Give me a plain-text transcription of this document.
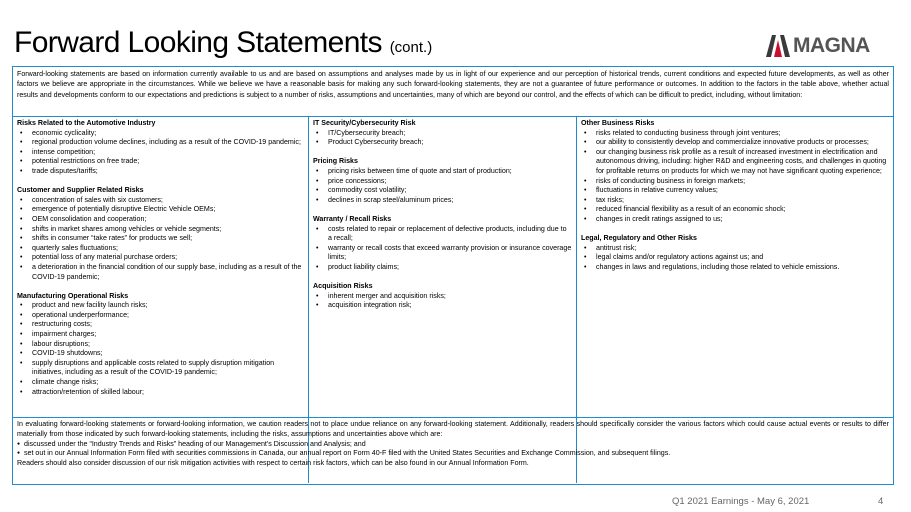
Forward Looking Statements (cont.)	MAGNA
Forward-looking statements are based on information currently available to us and are based on assumptions and analyses made by us in light of our experience and our perception of historical trends, current conditions and expected future developments, as well as other factors we believe are appropriate in the circumstances. While we believe we have a reasonable basis for making any such forward-looking statements, they are not a guarantee of future performance or outcomes. In addition to the factors in the table above, whether actual results and developments conform to our expectations and predictions is subject to a number of risks, assumptions and uncertainties, many of which are beyond our control, and the effects of which can be difficult to predict, including, without limitation:

Risks Related to the Automotive Industry

• economic cyclicality;
• regional production volume declines, including as a result of the COVID-19 pandemic;
• intense competition;
• potential restrictions on free trade;
• trade disputes/tariffs;

Customer and Supplier Related Risks

• concentration of sales with six customers;
• emergence of potentially disruptive Electric Vehicle OEMs;
• OEM consolidation and cooperation;
• shifts in market shares among vehicles or vehicle segments;
• shifts in consumer “take rates” for products we sell;
• quarterly sales fluctuations;
• potential loss of any material purchase orders;
• a deterioration in the financial condition of our supply base, including as a result of the COVID-19 pandemic;

Manufacturing Operational Risks

• product and new facility launch risks;
• operational underperformance;
• restructuring costs;
• impairment charges;
• labour disruptions;
• COVID-19 shutdowns;
• supply disruptions and applicable costs related to supply disruption mitigation initiatives, including as a result of the COVID-19 pandemic;
• climate change risks;
• attraction/retention of skilled labour;

IT Security/Cybersecurity Risk

• IT/Cybersecurity breach;
• Product Cybersecurity breach;

Pricing Risks

• pricing risks between time of quote and start of production;
• price concessions;
• commodity cost volatility;
• declines in scrap steel/aluminum prices;

Warranty / Recall Risks

• costs related to repair or replacement of defective products, including due to a recall;
• warranty or recall costs that exceed warranty provision or insurance coverage limits;
• product liability claims;

Acquisition Risks

• inherent merger and acquisition risks;
• acquisition integration risk;

Other Business Risks

• risks related to conducting business through joint ventures;
• our ability to consistently develop and commercialize innovative products or processes;
• our changing business risk profile as a result of increased investment in electrification and autonomous driving, including: higher R&D and engineering costs, and challenges in quoting for profitable returns on products for which we may not have significant quoting experience;
• risks of conducting business in foreign markets;
• fluctuations in relative currency values;
• tax risks;
• reduced financial flexibility as a result of an economic shock;
• changes in credit ratings assigned to us;

Legal, Regulatory and Other Risks

• antitrust risk;
• legal claims and/or regulatory actions against us; and
• changes in laws and regulations, including those related to vehicle emissions.

In evaluating forward-looking statements or forward-looking information, we caution readers not to place undue reliance on any forward-looking statement. Additionally, readers should specifically consider the various factors which could cause actual events or results to differ materially from those indicated by such forward-looking statements, including the risks, assumptions and uncertainties above which are:

● discussed under the “Industry Trends and Risks” heading of our Management's Discussion and Analysis; and
● set out in our Annual Information Form filed with securities commissions in Canada, our annual report on Form 40-F filed with the United States Securities and Exchange Commission, and subsequent filings.

Readers should also consider discussion of our risk mitigation activities with respect to certain risk factors, which can be also found in our Annual Information Form.

Q1 2021 Earnings - May 6, 2021	4
